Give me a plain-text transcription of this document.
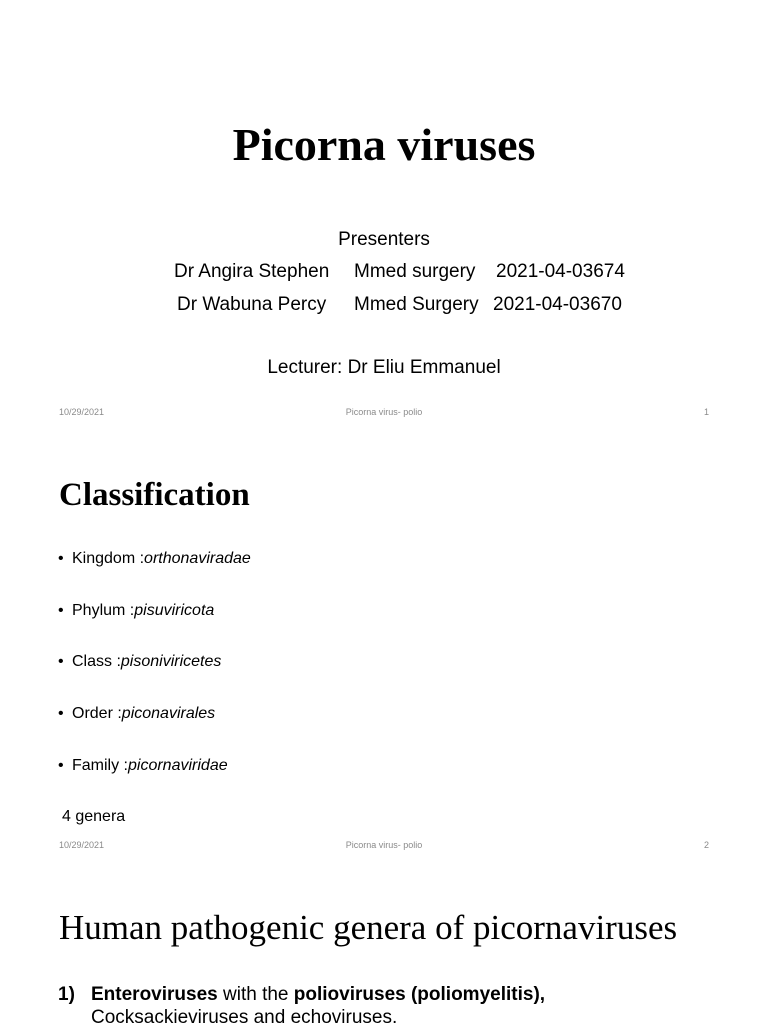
Picorna viruses
Presenters
Dr Angira Stephen Mmed surgery 2021-04-03674
Dr Wabuna Percy Mmed Surgery 2021-04-03670
Lecturer: Dr Eliu Emmanuel
10/29/2021	Picorna virus- polio	1
Classification
• Kingdom :orthonaviradae
• Phylum :pisuviricota
• Class :pisoniviricetes
• Order :piconavirales
• Family :picornaviridae
4 genera
10/29/2021	Picorna virus- polio	2
Human pathogenic genera of picornaviruses
1) Enteroviruses with the polioviruses (poliomyelitis),
Cocksackieviruses and echoviruses.
